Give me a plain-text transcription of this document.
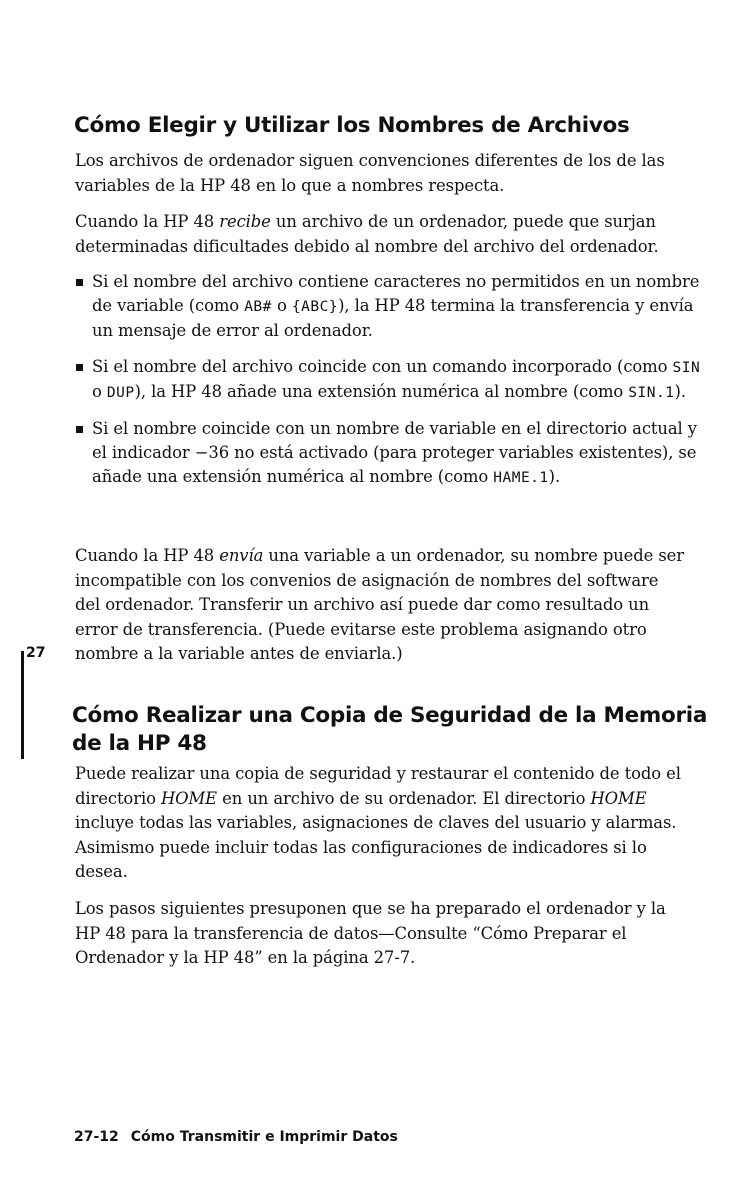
Cómo Elegir y Utilizar los Nombres de Archivos

Los archivos de ordenador siguen convenciones diferentes de los de las variables de la HP 48 en lo que a nombres respecta.

Cuando la HP 48 recibe un archivo de un ordenador, puede que surjan determinadas dificultades debido al nombre del archivo del ordenador.

Si el nombre del archivo contiene caracteres no permitidos en un nombre de variable (como AB# o {ABC}), la HP 48 termina la transferencia y envía un mensaje de error al ordenador.
Si el nombre del archivo coincide con un comando incorporado (como SIN o DUP), la HP 48 añade una extensión numérica al nombre (como SIN.1).
Si el nombre coincide con un nombre de variable en el directorio actual y el indicador −36 no está activado (para proteger variables existentes), se añade una extensión numérica al nombre (como HAME.1).

Cuando la HP 48 envía una variable a un ordenador, su nombre puede ser incompatible con los convenios de asignación de nombres del software del ordenador. Transferir un archivo así puede dar como resultado un error de transferencia. (Puede evitarse este problema asignando otro nombre a la variable antes de enviarla.)

27
Cómo Realizar una Copia de Seguridad de la Memoria de la HP 48

Puede realizar una copia de seguridad y restaurar el contenido de todo el directorio HOME en un archivo de su ordenador. El directorio HOME incluye todas las variables, asignaciones de claves del usuario y alarmas. Asimismo puede incluir todas las configuraciones de indicadores si lo desea.

Los pasos siguientes presuponen que se ha preparado el ordenador y la HP 48 para la transferencia de datos—Consulte “Cómo Preparar el Ordenador y la HP 48” en la página 27-7.

27-12 Cómo Transmitir e Imprimir Datos
